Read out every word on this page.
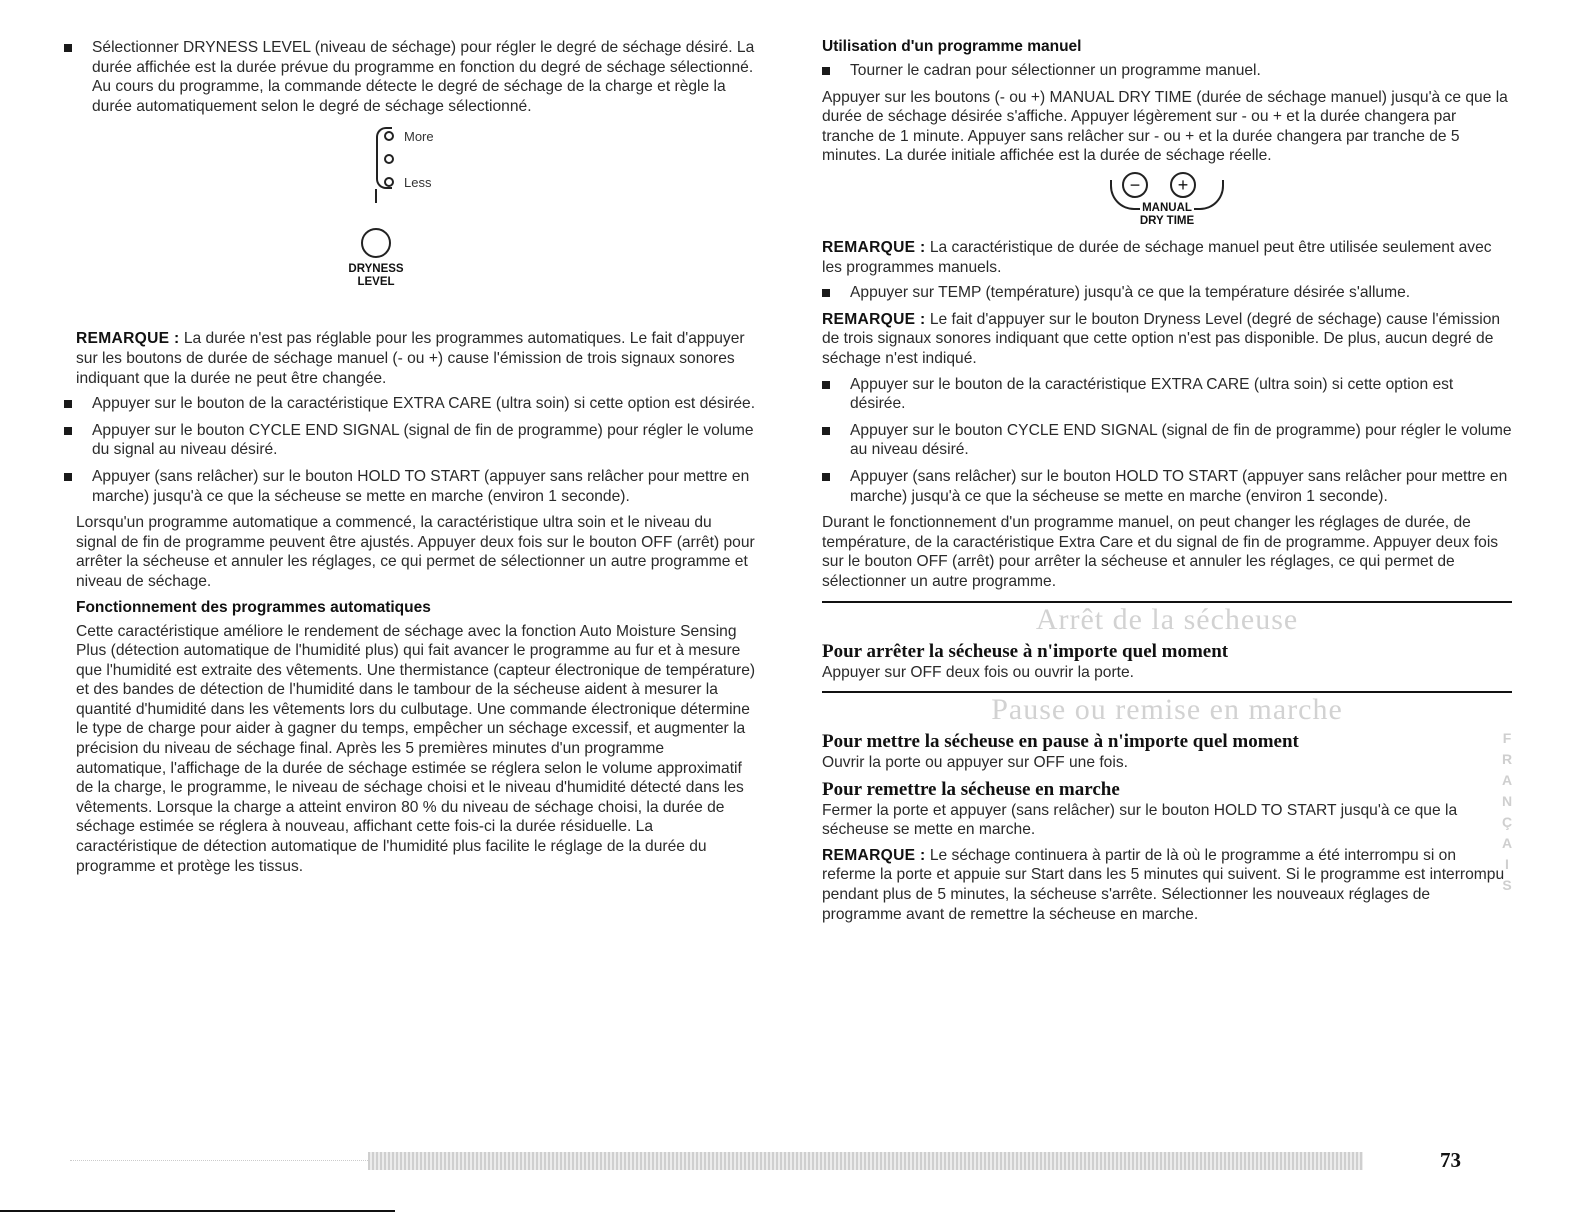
Sélectionner DRYNESS LEVEL (niveau de séchage) pour régler le degré de séchage désiré. La durée affichée est la durée prévue du programme en fonction du degré de séchage sélectionné. Au cours du programme, la commande détecte le degré de séchage de la charge et règle la durée automatiquement selon le degré de séchage sélectionné.
More
Less
DRYNESS
LEVEL

REMARQUE : La durée n'est pas réglable pour les programmes automatiques. Le fait d'appuyer sur les boutons de durée de séchage manuel (- ou +) cause l'émission de trois signaux sonores indiquant que la durée ne peut être changée.

Appuyer sur le bouton de la caractéristique EXTRA CARE (ultra soin) si cette option est désirée.
Appuyer sur le bouton CYCLE END SIGNAL (signal de fin de programme) pour régler le volume du signal au niveau désiré.
Appuyer (sans relâcher) sur le bouton HOLD TO START (appuyer sans relâcher pour mettre en marche) jusqu'à ce que la sécheuse se mette en marche (environ 1 seconde).

Lorsqu'un programme automatique a commencé, la caractéristique ultra soin et le niveau du signal de fin de programme peuvent être ajustés. Appuyer deux fois sur le bouton OFF (arrêt) pour arrêter la sécheuse et annuler les réglages, ce qui permet de sélectionner un autre programme et niveau de séchage.

Fonctionnement des programmes automatiques

Cette caractéristique améliore le rendement de séchage avec la fonction Auto Moisture Sensing Plus (détection automatique de l'humidité plus) qui fait avancer le programme au fur et à mesure que l'humidité est extraite des vêtements. Une thermistance (capteur électronique de température) et des bandes de détection de l'humidité dans le tambour de la sécheuse aident à mesurer la quantité d'humidité dans les vêtements lors du culbutage. Une commande électronique détermine le type de charge pour aider à gagner du temps, empêcher un séchage excessif, et augmenter la précision du niveau de séchage final. Après les 5 premières minutes d'un programme automatique, l'affichage de la durée de séchage estimée se réglera selon le volume approximatif de la charge, le programme, le niveau de séchage choisi et le niveau d'humidité détecté dans les vêtements. Lorsque la charge a atteint environ 80 % du niveau de séchage choisi, la durée de séchage estimée se réglera à nouveau, affichant cette fois-ci la durée résiduelle. La caractéristique de détection automatique de l'humidité plus facilite le réglage de la durée du programme et protège les tissus.

Utilisation d'un programme manuel
Tourner le cadran pour sélectionner un programme manuel.

Appuyer sur les boutons (- ou +) MANUAL DRY TIME (durée de séchage manuel) jusqu'à ce que la durée de séchage désirée s'affiche. Appuyer légèrement sur - ou + et la durée changera par tranche de 1 minute. Appuyer sans relâcher sur - ou + et la durée changera par tranche de 5 minutes. La durée initiale affichée est la durée de séchage réelle.

−	+
MANUAL
DRY TIME

REMARQUE : La caractéristique de durée de séchage manuel peut être utilisée seulement avec les programmes manuels.

Appuyer sur TEMP (température) jusqu'à ce que la température désirée s'allume.

REMARQUE : Le fait d'appuyer sur le bouton Dryness Level (degré de séchage) cause l'émission de trois signaux sonores indiquant que cette option n'est pas disponible. De plus, aucun degré de séchage n'est indiqué.

Appuyer sur le bouton de la caractéristique EXTRA CARE (ultra soin) si cette option est désirée.
Appuyer sur le bouton CYCLE END SIGNAL (signal de fin de programme) pour régler le volume au niveau désiré.
Appuyer (sans relâcher) sur le bouton HOLD TO START (appuyer sans relâcher pour mettre en marche) jusqu'à ce que la sécheuse se mette en marche (environ 1 seconde).

Durant le fonctionnement d'un programme manuel, on peut changer les réglages de durée, de température, de la caractéristique Extra Care et du signal de fin de programme. Appuyer deux fois sur le bouton OFF (arrêt) pour arrêter la sécheuse et annuler les réglages, ce qui permet de sélectionner un autre programme.

Arrêt de la sécheuse
Pour arrêter la sécheuse à n'importe quel moment

Appuyer sur OFF deux fois ou ouvrir la porte.

Pause ou remise en marche
Pour mettre la sécheuse en pause à n'importe quel moment

Ouvrir la porte ou appuyer sur OFF une fois.

Pour remettre la sécheuse en marche

Fermer la porte et appuyer (sans relâcher) sur le bouton HOLD TO START jusqu'à ce que la sécheuse se mette en marche.

REMARQUE : Le séchage continuera à partir de là où le programme a été interrompu si on referme la porte et appuie sur Start dans les 5 minutes qui suivent. Si le programme est interrompu pendant plus de 5 minutes, la sécheuse s'arrête. Sélectionner les nouveaux réglages de programme avant de remettre la sécheuse en marche.

F
R
A
N
Ç
A
I
S
73
